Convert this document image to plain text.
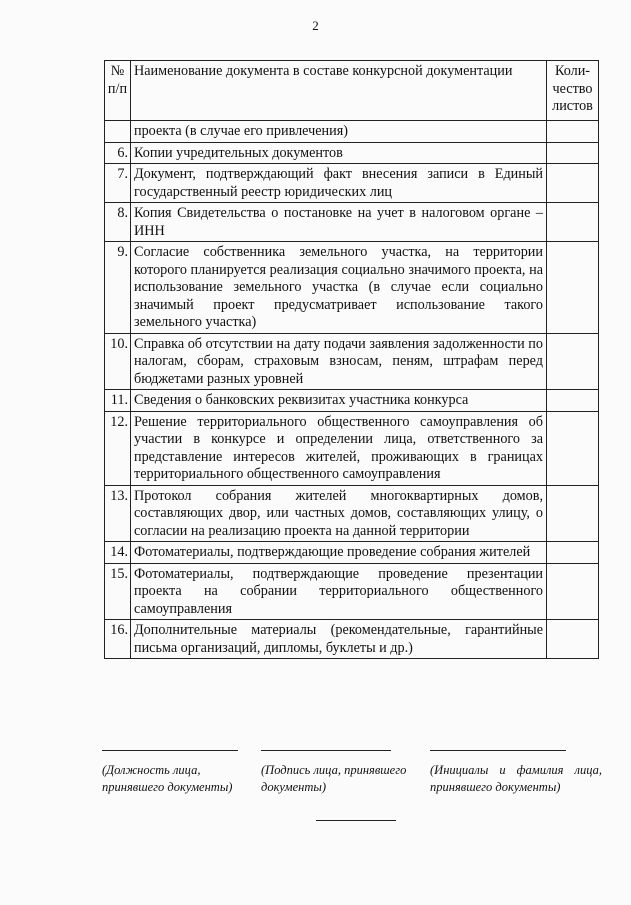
2
№ п/п	Наименование документа в составе конкурсной документации	Коли-чество листов
	проекта (в случае его привлечения)	
6.	Копии учредительных документов	
7.	Документ, подтверждающий факт внесения записи в Единый государственный реестр юридических лиц	
8.	Копия Свидетельства о постановке на учет в налоговом органе – ИНН	
9.	Согласие собственника земельного участка, на территории которого планируется реализация социально значимого проекта, на использование земельного участка (в случае если социально значимый проект предусматривает использование такого земельного участка)	
10.	Справка об отсутствии на дату подачи заявления задолженности по налогам, сборам, страховым взносам, пеням, штрафам перед бюджетами разных уровней	
11.	Сведения о банковских реквизитах участника конкурса	
12.	Решение территориального общественного самоуправления об участии в конкурсе и определении лица, ответственного за представление интересов жителей, проживающих в границах территориального общественного самоуправления	
13.	Протокол собрания жителей многоквартирных домов, составляющих двор, или частных домов, составляющих улицу, о согласии на реализацию проекта на данной территории	
14.	Фотоматериалы, подтверждающие проведение собрания жителей	
15.	Фотоматериалы, подтверждающие проведение презентации проекта на собрании территориального общественного самоуправления	
16.	Дополнительные материалы (рекомендательные, гарантийные письма организаций, дипломы, буклеты и др.)	
(Должность лица, принявшего документы)
(Подпись лица, принявшего документы)
(Инициалы и фамилия лица, принявшего документы)
